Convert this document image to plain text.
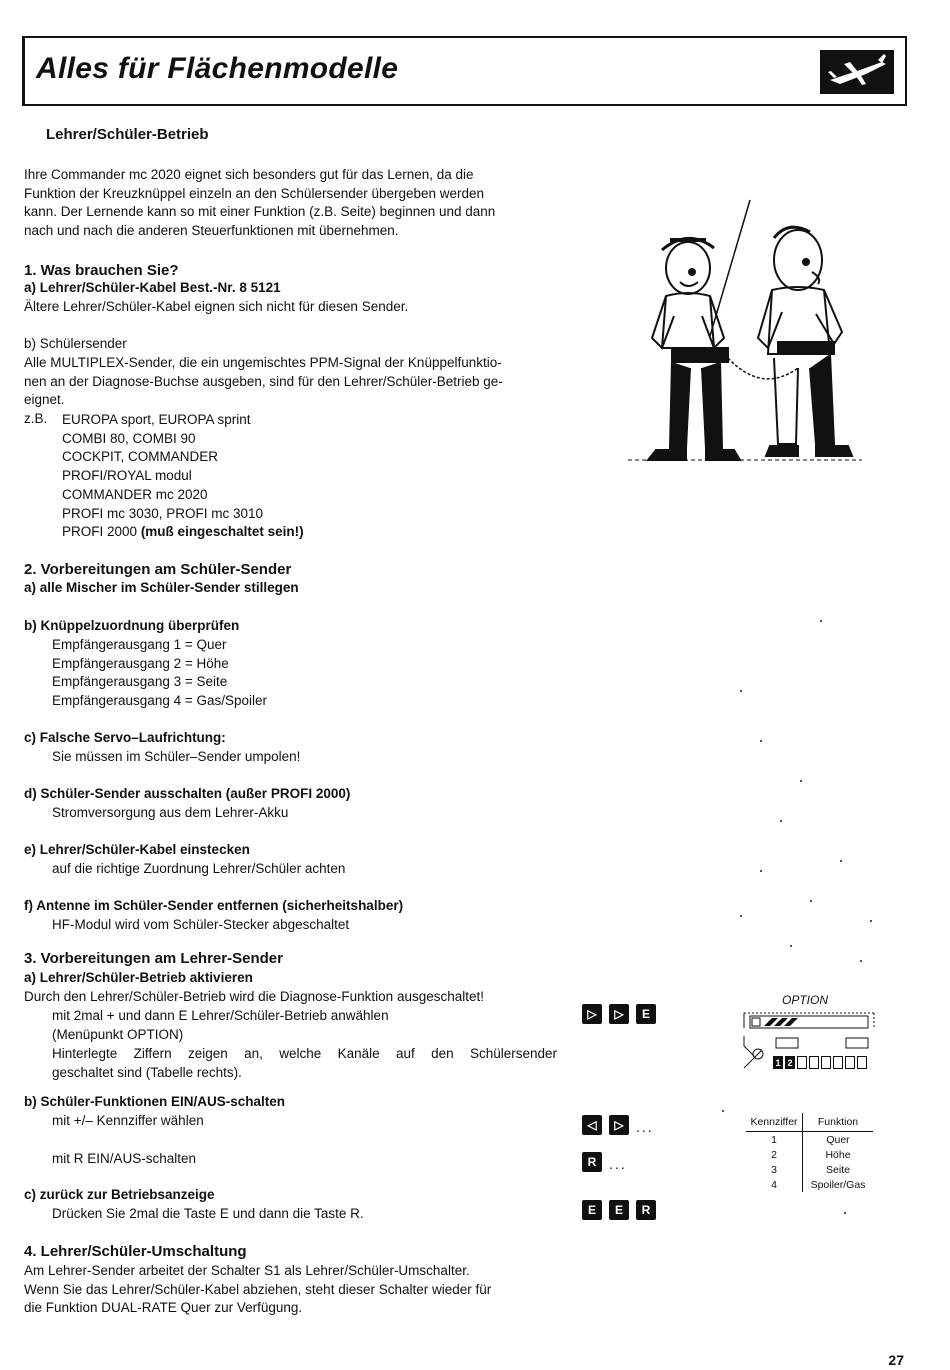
Alles für Flächenmodelle
Lehrer/Schüler-Betrieb
Ihre Commander mc 2020 eignet sich besonders gut für das Lernen, da die
Funktion der Kreuzknüppel einzeln an den Schülersender übergeben werden
kann. Der Lernende kann so mit einer Funktion (z.B. Seite) beginnen und dann
nach und nach die anderen Steuerfunktionen mit übernehmen.
1. Was brauchen Sie?
a) Lehrer/Schüler-Kabel Best.-Nr. 8 5121
Ältere Lehrer/Schüler-Kabel eignen sich nicht für diesen Sender.
b) Schülersender
Alle MULTIPLEX-Sender, die ein ungemischtes PPM-Signal der Knüppelfunktio-
nen an der Diagnose-Buchse ausgeben, sind für den Lehrer/Schüler-Betrieb ge-
eignet.
z.B. EUROPA sport, EUROPA sprint
COMBI 80, COMBI 90
COCKPIT, COMMANDER
PROFI/ROYAL modul
COMMANDER mc 2020
PROFI mc 3030, PROFI mc 3010
PROFI 2000 (muß eingeschaltet sein!)
2. Vorbereitungen am Schüler-Sender
a) alle Mischer im Schüler-Sender stillegen
b) Knüppelzuordnung überprüfen
Empfängerausgang 1 = Quer
Empfängerausgang 2 = Höhe
Empfängerausgang 3 = Seite
Empfängerausgang 4 = Gas/Spoiler
c) Falsche Servo–Laufrichtung:
Sie müssen im Schüler–Sender umpolen!
d) Schüler-Sender ausschalten (außer PROFI 2000)
Stromversorgung aus dem Lehrer-Akku
e) Lehrer/Schüler-Kabel einstecken
auf die richtige Zuordnung Lehrer/Schüler achten
f) Antenne im Schüler-Sender entfernen (sicherheitshalber)
HF-Modul wird vom Schüler-Stecker abgeschaltet
3. Vorbereitungen am Lehrer-Sender
a) Lehrer/Schüler-Betrieb aktivieren
Durch den Lehrer/Schüler-Betrieb wird die Diagnose-Funktion ausgeschaltet!
mit 2mal + und dann E Lehrer/Schüler-Betrieb anwählen
(Menüpunkt OPTION)
Hinterlegte Ziffern zeigen an, welche Kanäle auf den Schülersender
geschaltet sind (Tabelle rechts).
b) Schüler-Funktionen EIN/AUS-schalten
mit +/– Kennziffer wählen
mit R EIN/AUS-schalten
c) zurück zur Betriebsanzeige
Drücken Sie 2mal die Taste E und dann die Taste R.
4. Lehrer/Schüler-Umschaltung
Am Lehrer-Sender arbeitet der Schalter S1 als Lehrer/Schüler-Umschalter.
Wenn Sie das Lehrer/Schüler-Kabel abziehen, steht dieser Schalter wieder für
die Funktion DUAL-RATE Quer zur Verfügung.
▷	▷	E
◁	▷ ...
R ...
E	E	R
OPTION
1 2
Kennziffer	Funktion
1	Quer
2	Höhe
3	Seite
4	Spoiler/Gas
27
